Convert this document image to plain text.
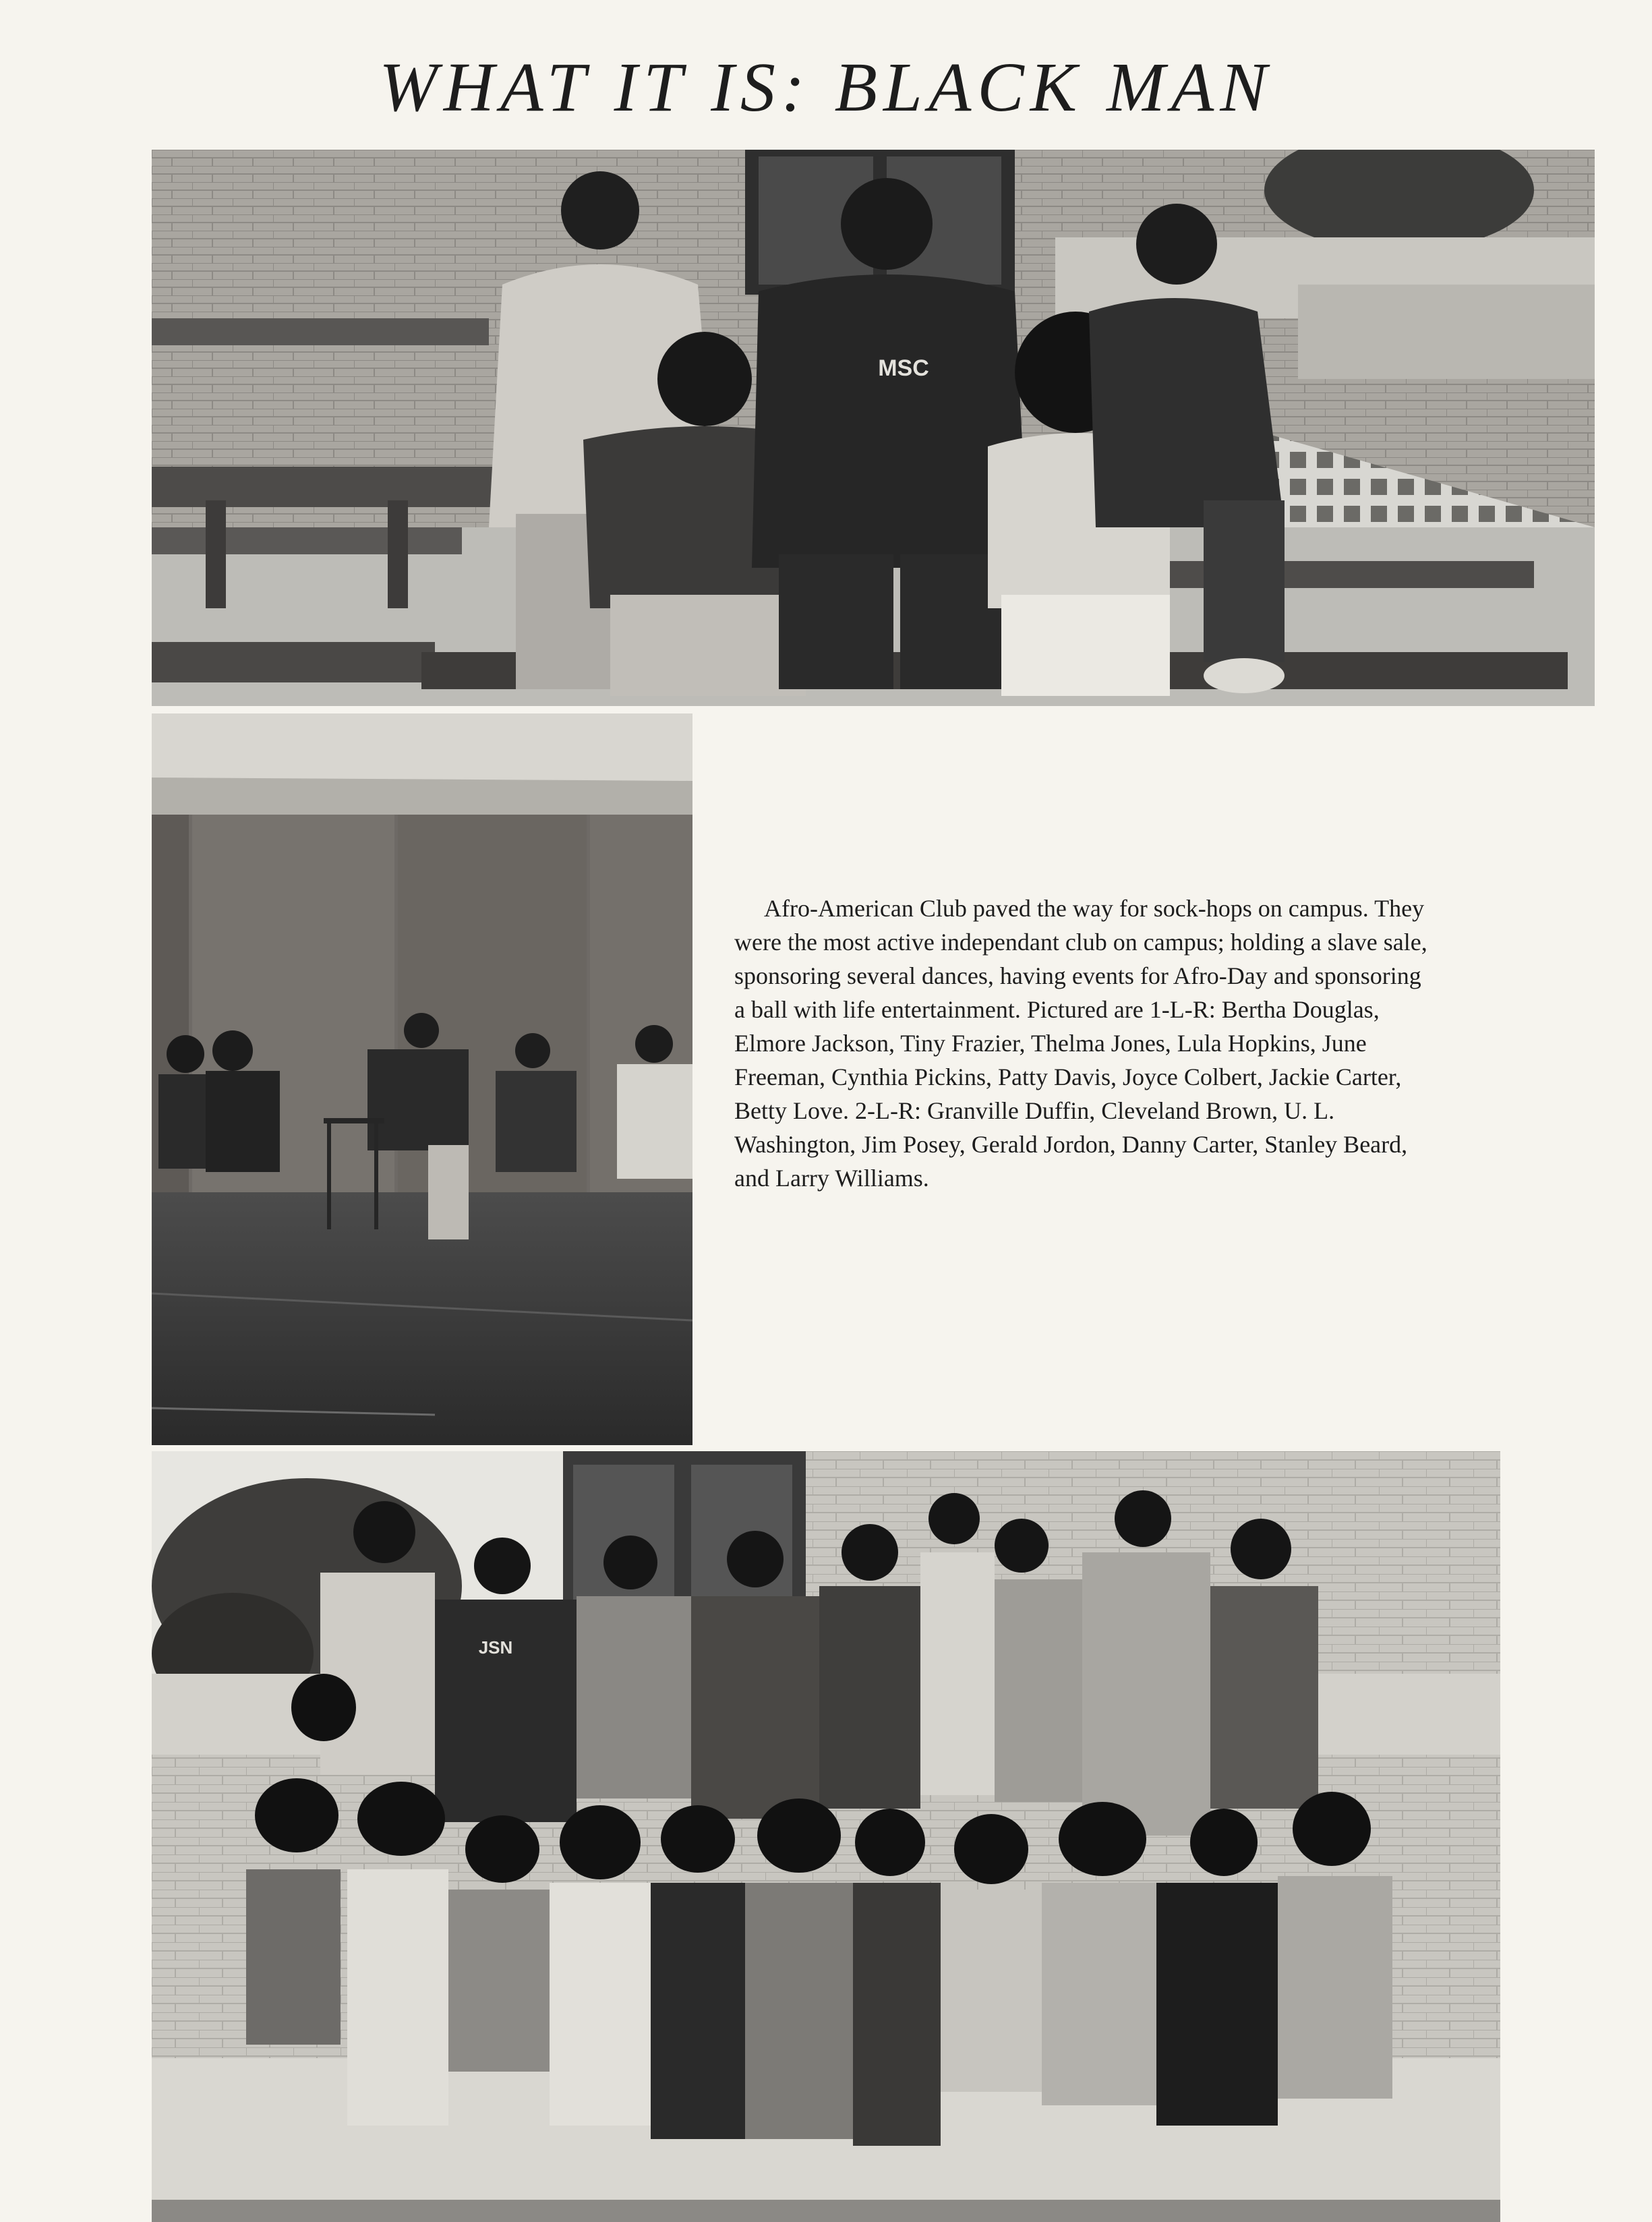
WHAT IT IS: BLACK MAN
MSC

Afro-American Club paved the way for sock-hops on campus. They were the most active independant club on campus; holding a slave sale, sponsoring several dances, having events for Afro-Day and sponsoring a ball with life entertainment. Pictured are 1-L-R: Bertha Douglas, Elmore Jackson, Tiny Frazier, Thelma Jones, Lula Hopkins, June Freeman, Cynthia Pickins, Patty Davis, Joyce Colbert, Jackie Carter, Betty Love. 2-L-R: Granville Duffin, Cleveland Brown, U. L. Washington, Jim Posey, Gerald Jordon, Danny Carter, Stanley Beard, and Larry Williams.

JSN
